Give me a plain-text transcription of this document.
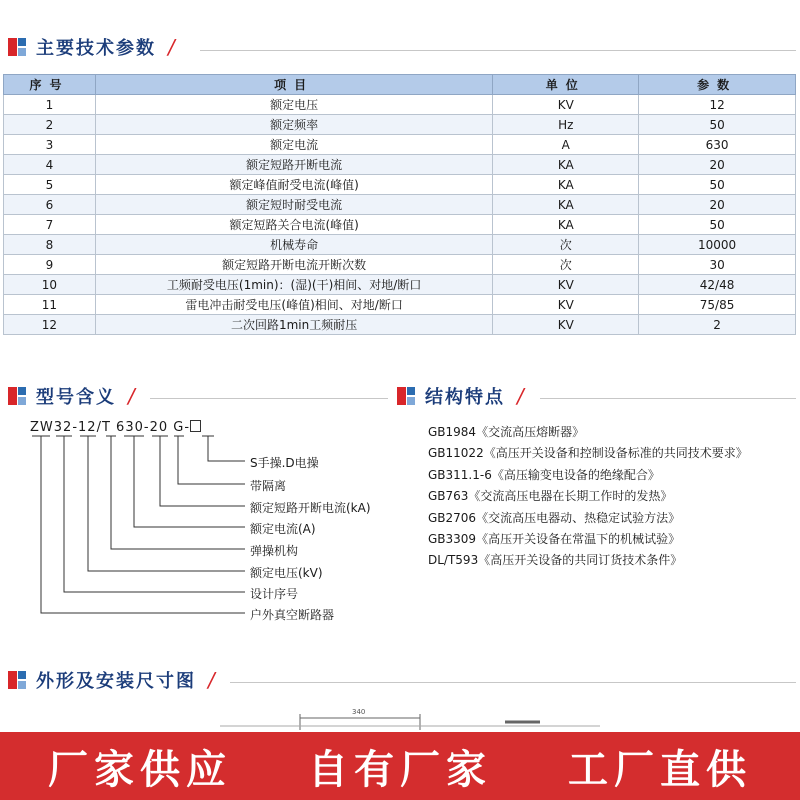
主要技术参数 /
序号	项目	单位	参数
1	额定电压	KV	12
2	额定频率	Hz	50
3	额定电流	A	630
4	额定短路开断电流	KA	20
5	额定峰值耐受电流(峰值)	KA	50
6	额定短时耐受电流	KA	20
7	额定短路关合电流(峰值)	KA	50
8	机械寿命	次	10000
9	额定短路开断电流开断次数	次	30
10	工频耐受电压(1min)：(湿)(干)相间、对地/断口	KV	42/48
11	雷电冲击耐受电压(峰值)相间、对地/断口	KV	75/85
12	二次回路1min工频耐压	KV	2
型号含义 /
ZW32-12/T 630-20 G-
S手操.D电操
带隔离
额定短路开断电流(kA)
额定电流(A)
弹操机构
额定电压(kV)
设计序号
户外真空断路器
结构特点 /
GB1984《交流高压熔断器》
GB11022《高压开关设备和控制设备标准的共同技术要求》
GB311.1-6《高压输变电设备的绝缘配合》
GB763《交流高压电器在长期工作时的发热》
GB2706《交流高压电器动、热稳定试验方法》
GB3309《高压开关设备在常温下的机械试验》
DL/T593《高压开关设备的共同订货技术条件》
外形及安装尺寸图 /
340
厂家供应 自有厂家 工厂直供
